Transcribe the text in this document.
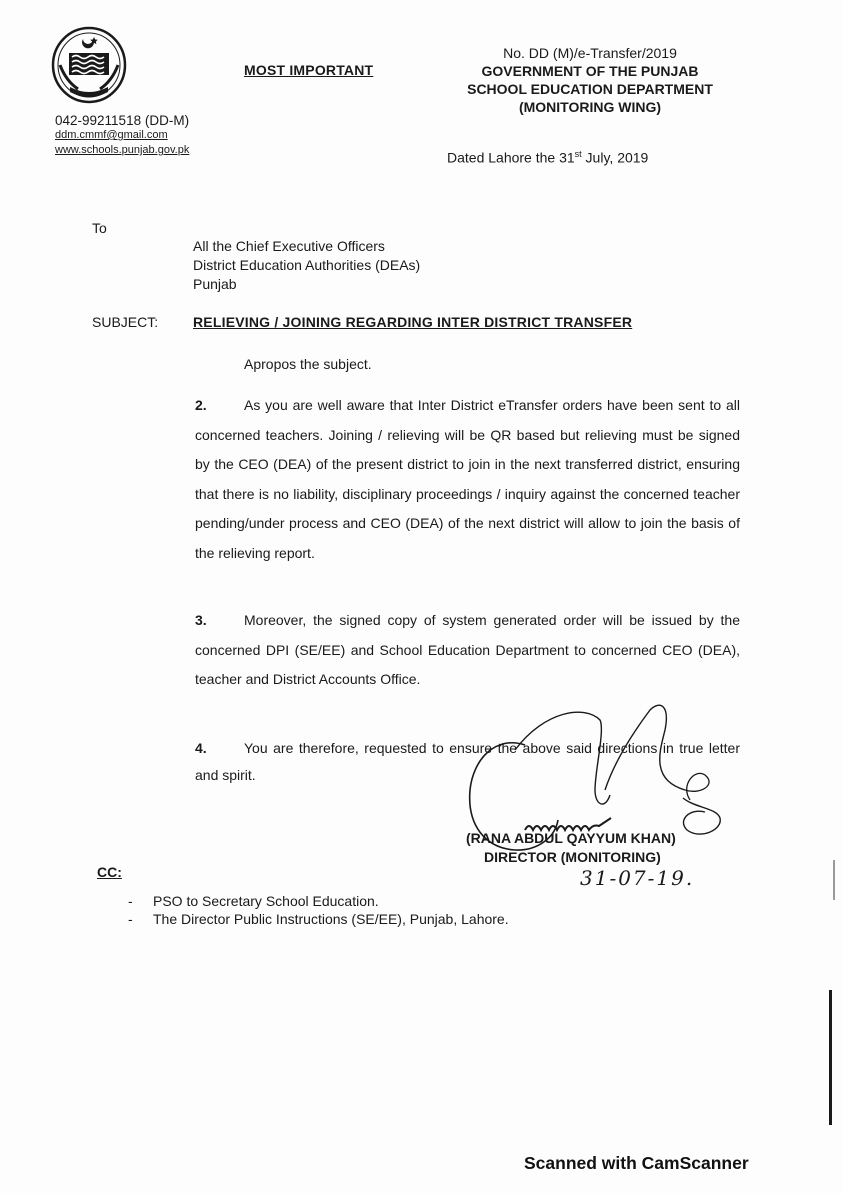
MOST IMPORTANT
No. DD (M)/e-Transfer/2019
GOVERNMENT OF THE PUNJAB
SCHOOL EDUCATION DEPARTMENT
(MONITORING WING)
042-99211518 (DD-M)
ddm.cmmf@gmail.com
www.schools.punjab.gov.pk	Dated Lahore the 31st July, 2019
To
All the Chief Executive Officers
District Education Authorities (DEAs)
Punjab
SUBJECT: RELIEVING / JOINING REGARDING INTER DISTRICT TRANSFER
Apropos the subject.
2.	As you are well aware that Inter District eTransfer orders have been sent to all concerned teachers. Joining / relieving will be QR based but relieving must be signed by the CEO (DEA) of the present district to join in the next transferred district, ensuring that there is no liability, disciplinary proceedings / inquiry against the concerned teacher pending/under process and CEO (DEA) of the next district will allow to join the basis of the relieving report.
3.	Moreover, the signed copy of system generated order will be issued by the concerned DPI (SE/EE) and School Education Department to concerned CEO (DEA), teacher and District Accounts Office.
4.	You are therefore, requested to ensure the above said directions in true letter and spirit.
(RANA ABDUL QAYYUM KHAN)
DIRECTOR (MONITORING)
31-07-19.
CC:
- PSO to Secretary School Education.
- The Director Public Instructions (SE/EE), Punjab, Lahore.
Scanned with CamScanner
